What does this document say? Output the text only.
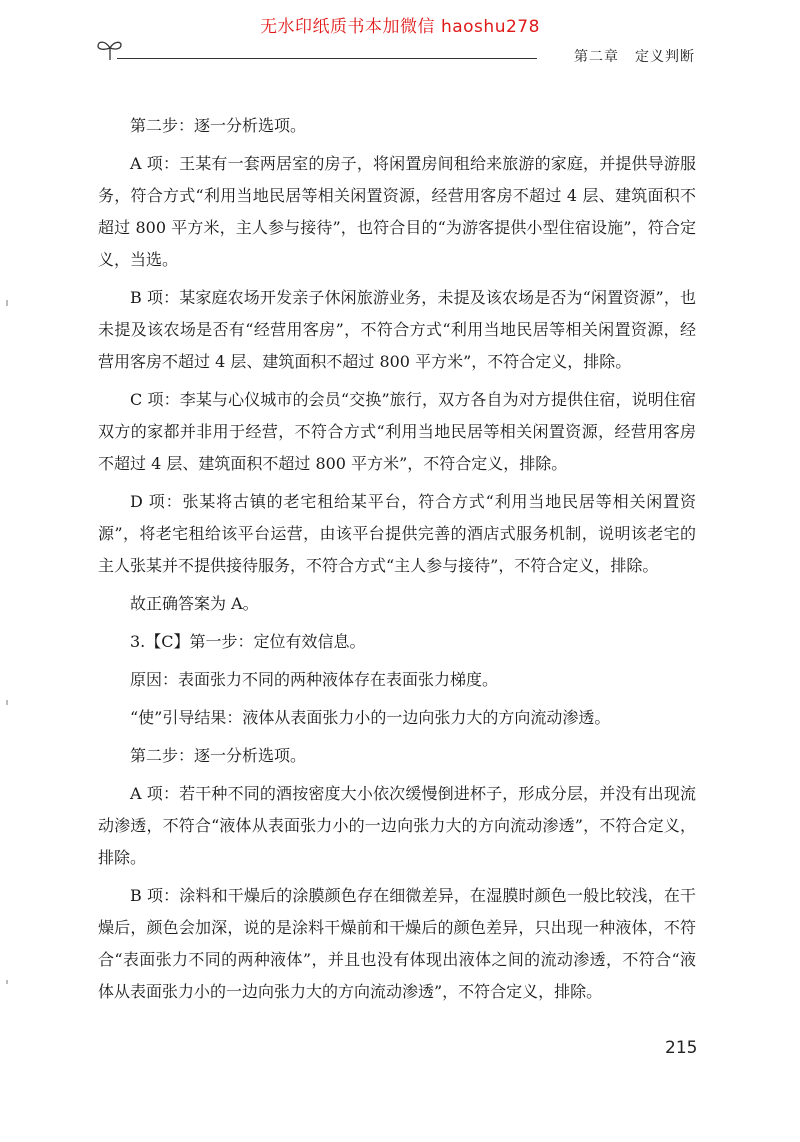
无水印纸质书本加微信 haoshu278
第二章 定义判断

第二步：逐一分析选项。

A 项：王某有一套两居室的房子，将闲置房间租给来旅游的家庭，并提供导游服务，符合方式“利用当地民居等相关闲置资源，经营用客房不超过 4 层、建筑面积不超过 800 平方米，主人参与接待”，也符合目的“为游客提供小型住宿设施”，符合定义，当选。

B 项：某家庭农场开发亲子休闲旅游业务，未提及该农场是否为“闲置资源”，也未提及该农场是否有“经营用客房”，不符合方式“利用当地民居等相关闲置资源，经营用客房不超过 4 层、建筑面积不超过 800 平方米”，不符合定义，排除。

C 项：李某与心仪城市的会员“交换”旅行，双方各自为对方提供住宿，说明住宿双方的家都并非用于经营，不符合方式“利用当地民居等相关闲置资源，经营用客房不超过 4 层、建筑面积不超过 800 平方米”，不符合定义，排除。

D 项：张某将古镇的老宅租给某平台，符合方式“利用当地民居等相关闲置资源”，将老宅租给该平台运营，由该平台提供完善的酒店式服务机制，说明该老宅的主人张某并不提供接待服务，不符合方式“主人参与接待”，不符合定义，排除。

故正确答案为 A。

3.【C】第一步：定位有效信息。

原因：表面张力不同的两种液体存在表面张力梯度。

“使”引导结果：液体从表面张力小的一边向张力大的方向流动渗透。

第二步：逐一分析选项。

A 项：若干种不同的酒按密度大小依次缓慢倒进杯子，形成分层，并没有出现流动渗透，不符合“液体从表面张力小的一边向张力大的方向流动渗透”，不符合定义，排除。

B 项：涂料和干燥后的涂膜颜色存在细微差异，在湿膜时颜色一般比较浅，在干燥后，颜色会加深，说的是涂料干燥前和干燥后的颜色差异，只出现一种液体，不符合“表面张力不同的两种液体”，并且也没有体现出液体之间的流动渗透，不符合“液体从表面张力小的一边向张力大的方向流动渗透”，不符合定义，排除。

215
